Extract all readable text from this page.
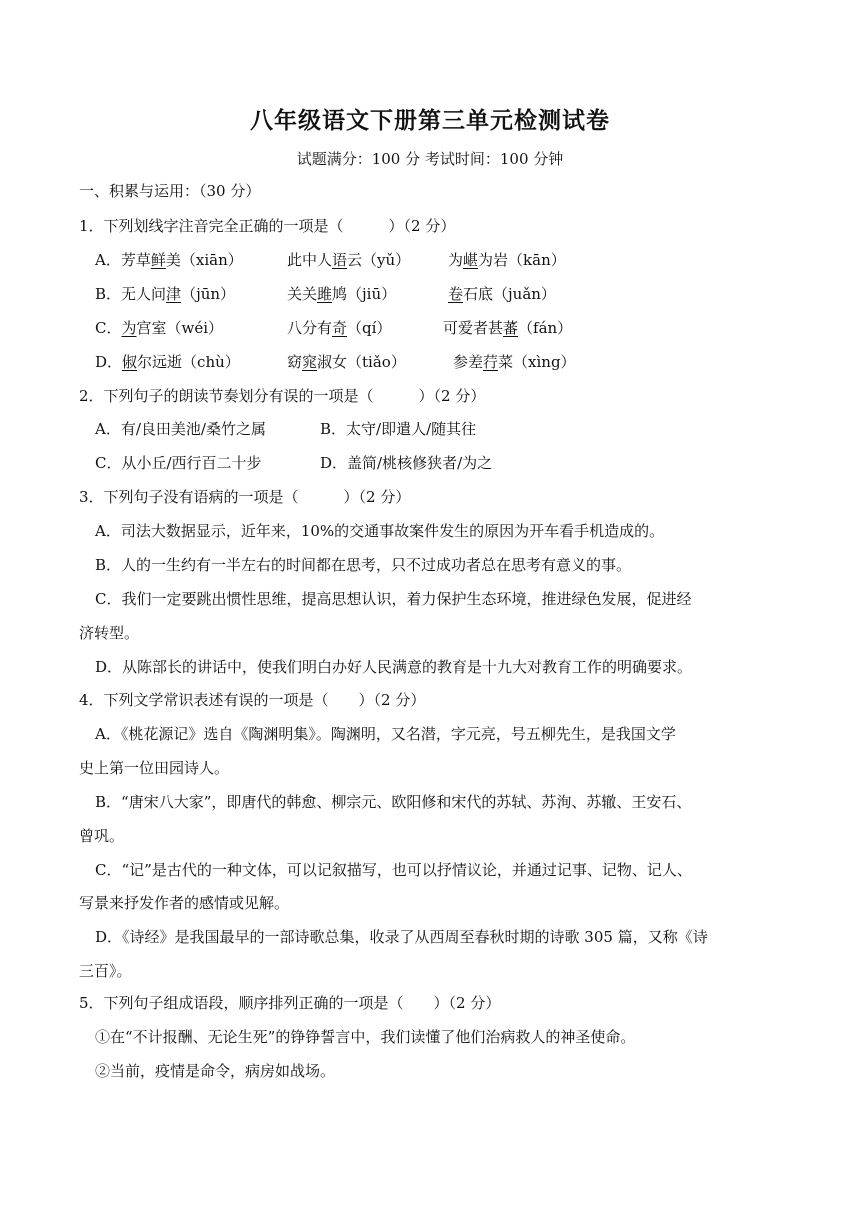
八年级语文下册第三单元检测试卷
试题满分：100 分 考试时间：100 分钟
一、积累与运用：（30 分）
1．下列划线字注音完全正确的一项是（　　　）（2 分）
A．芳草鲜美（xiān）	此中人语云（yǔ）	为嵁为岩（kān）
B．无人问津（jūn）	关关雎鸠（jiū）	卷石底（juǎn）
C．为宫室（wéi）	八分有奇（qí）	可爱者甚蕃（fán）
D．俶尔远逝（chù）	窈窕淑女（tiǎo）	参差荇菜（xìng）
2．下列句子的朗读节奏划分有误的一项是（　　　）（2 分）
A．有/良田美池/桑竹之属	B．太守/即遣人/随其往
C．从小丘/西行百二十步	D．盖简/桃核修狭者/为之
3．下列句子没有语病的一项是（　　　）（2 分）
A．司法大数据显示，近年来，10%的交通事故案件发生的原因为开车看手机造成的。
B．人的一生约有一半左右的时间都在思考，只不过成功者总在思考有意义的事。
C．我们一定要跳出惯性思维，提高思想认识，着力保护生态环境，推进绿色发展，促进经
济转型。
D．从陈部长的讲话中，使我们明白办好人民满意的教育是十九大对教育工作的明确要求。
4．下列文学常识表述有误的一项是（　　）（2 分）
A．《桃花源记》选自《陶渊明集》。陶渊明，又名潜，字元亮，号五柳先生，是我国文学
史上第一位田园诗人。
B．“唐宋八大家”，即唐代的韩愈、柳宗元、欧阳修和宋代的苏轼、苏洵、苏辙、王安石、
曾巩。
C．“记”是古代的一种文体，可以记叙描写，也可以抒情议论，并通过记事、记物、记人、
写景来抒发作者的感情或见解。
D．《诗经》是我国最早的一部诗歌总集，收录了从西周至春秋时期的诗歌 305 篇，又称《诗
三百》。
5．下列句子组成语段，顺序排列正确的一项是（　　）（2 分）
①在“不计报酬、无论生死”的铮铮誓言中，我们读懂了他们治病救人的神圣使命。
②当前，疫情是命令，病房如战场。
